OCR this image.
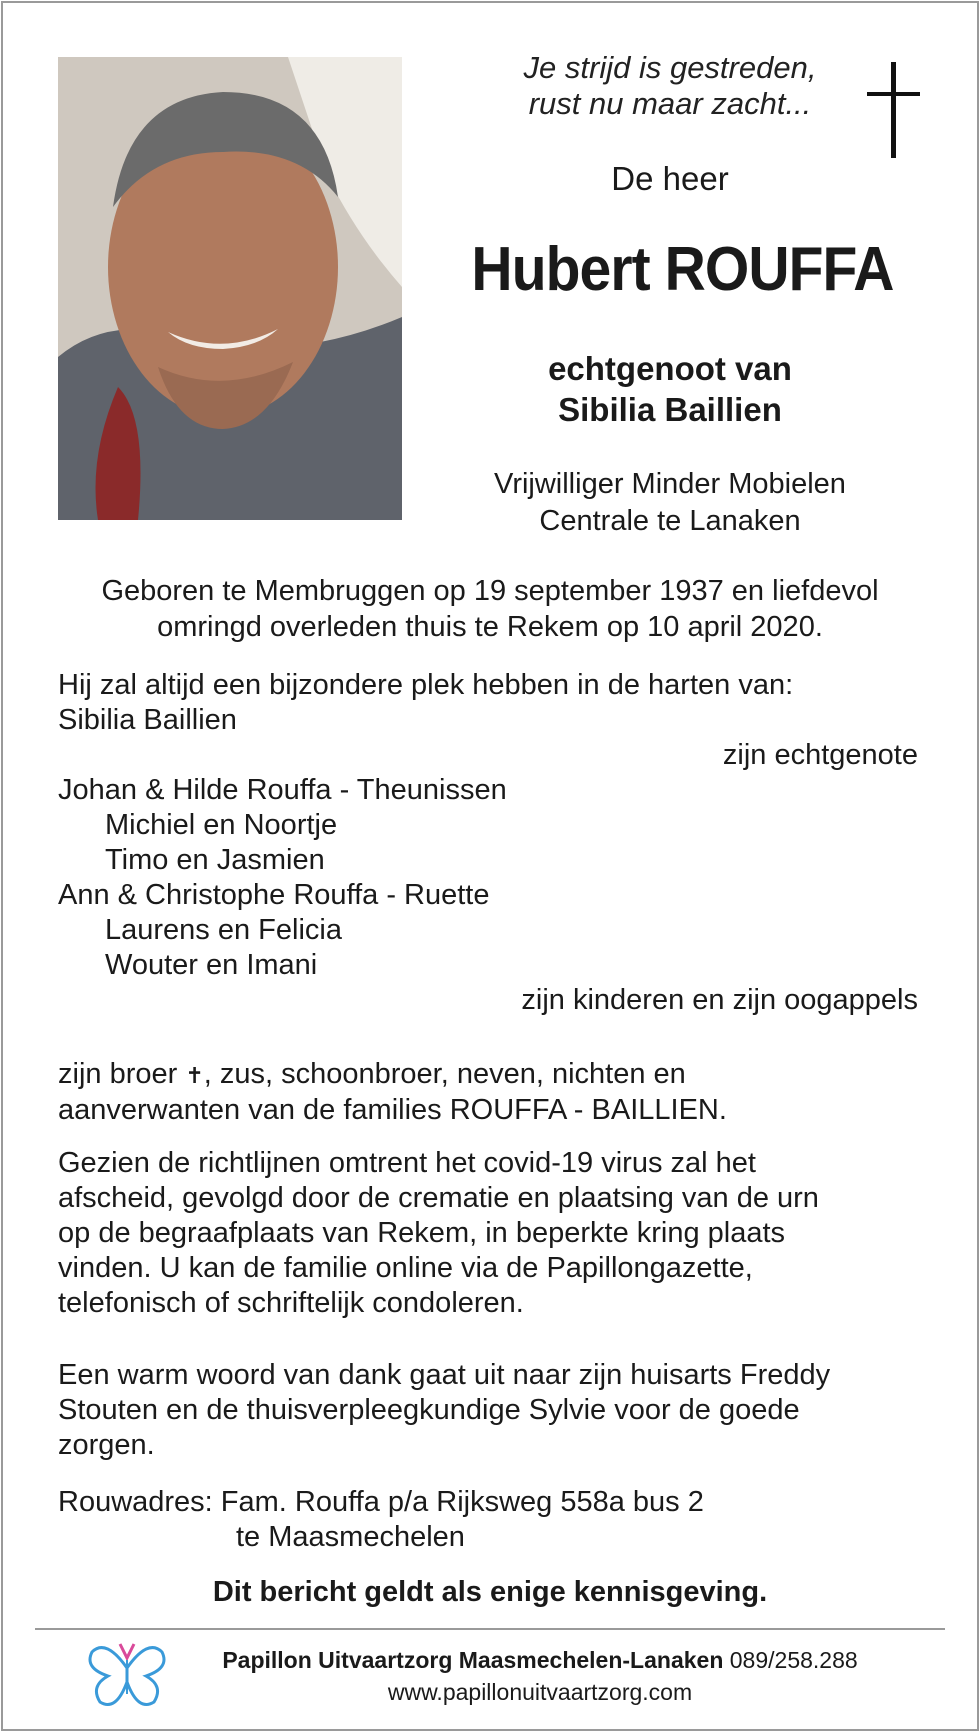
Je strijd is gestreden,
rust nu maar zacht...
De heer
Hubert ROUFFA
echtgenoot van
Sibilia Baillien
Vrijwilliger Minder Mobielen
Centrale te Lanaken
Geboren te Membruggen op 19 september 1937 en liefdevol
omringd overleden thuis te Rekem op 10 april 2020.
Hij zal altijd een bijzondere plek hebben in de harten van:
Sibilia Baillien
zijn echtgenote
Johan & Hilde Rouffa - Theunissen
Michiel en Noortje
Timo en Jasmien
Ann & Christophe Rouffa - Ruette
Laurens en Felicia
Wouter en Imani
zijn kinderen en zijn oogappels
zijn broer ✝, zus, schoonbroer, neven, nichten en
aanverwanten van de families ROUFFA - BAILLIEN.
Gezien de richtlijnen omtrent het covid-19 virus zal het
afscheid, gevolgd door de crematie en plaatsing van de urn
op de begraafplaats van Rekem, in beperkte kring plaats
vinden. U kan de familie online via de Papillongazette,
telefonisch of schriftelijk condoleren.
Een warm woord van dank gaat uit naar zijn huisarts Freddy
Stouten en de thuisverpleegkundige Sylvie voor de goede
zorgen.
Rouwadres: Fam. Rouffa p/a Rijksweg 558a bus 2
te Maasmechelen
Dit bericht geldt als enige kennisgeving.
Papillon Uitvaartzorg Maasmechelen-Lanaken 089/258.288
www.papillonuitvaartzorg.com
